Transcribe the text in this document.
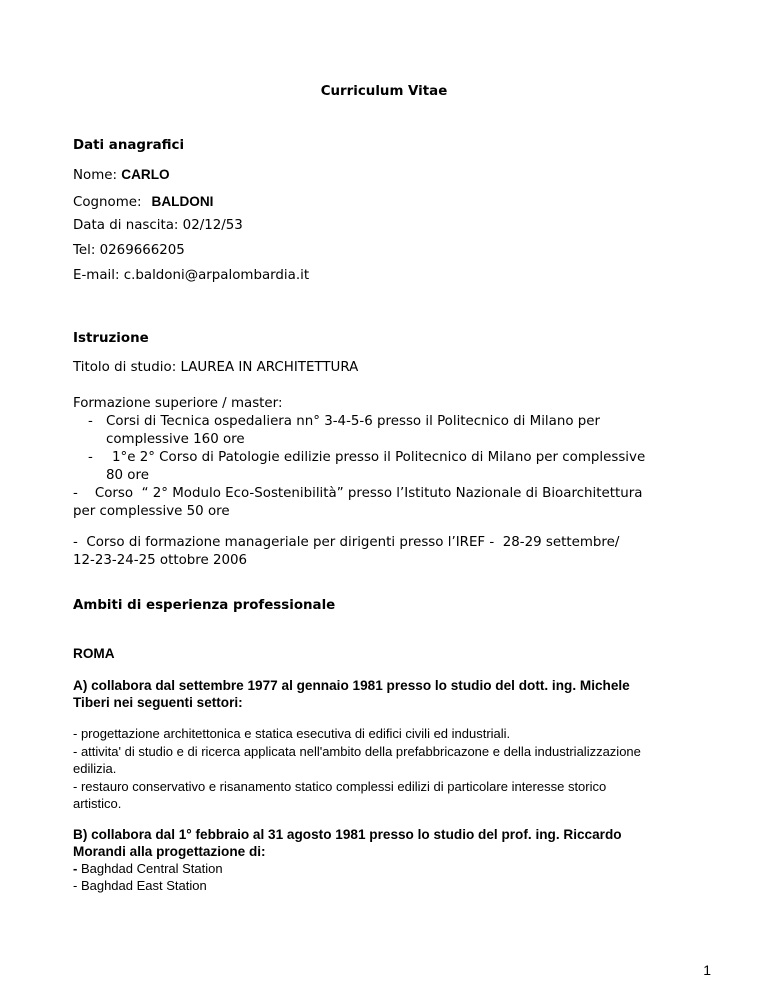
Curriculum Vitae
Dati anagrafici
Nome: CARLO
Cognome: BALDONI
Data di nascita: 02/12/53
Tel: 0269666205
E-mail: c.baldoni@arpalombardia.it
Istruzione
Titolo di studio: LAUREA IN ARCHITETTURA
Formazione superiore / master:
- Corsi di Tecnica ospedaliera nn° 3-4-5-6 presso il Politecnico di Milano per
complessive 160 ore
- 1°e 2° Corso di Patologie edilizie presso il Politecnico di Milano per complessive
80 ore
-    Corso  “ 2° Modulo Eco-Sostenibilità” presso l’Istituto Nazionale di Bioarchitettura
per complessive 50 ore
-  Corso di formazione manageriale per dirigenti presso l’IREF -  28-29 settembre/
12-23-24-25 ottobre 2006
Ambiti di esperienza professionale
ROMA
A) collabora dal settembre 1977 al gennaio 1981 presso lo studio del dott. ing. Michele
Tiberi nei seguenti settori:
- progettazione architettonica e statica esecutiva di edifici civili ed industriali.
- attivita' di studio e di ricerca applicata nell'ambito della prefabbricazone e della industrializzazione
edilizia.
- restauro conservativo e risanamento statico complessi edilizi di particolare interesse storico
artistico.
B) collabora dal 1° febbraio al 31 agosto 1981 presso lo studio del prof. ing. Riccardo
Morandi alla progettazione di:
- Baghdad Central Station
- Baghdad East Station
1
